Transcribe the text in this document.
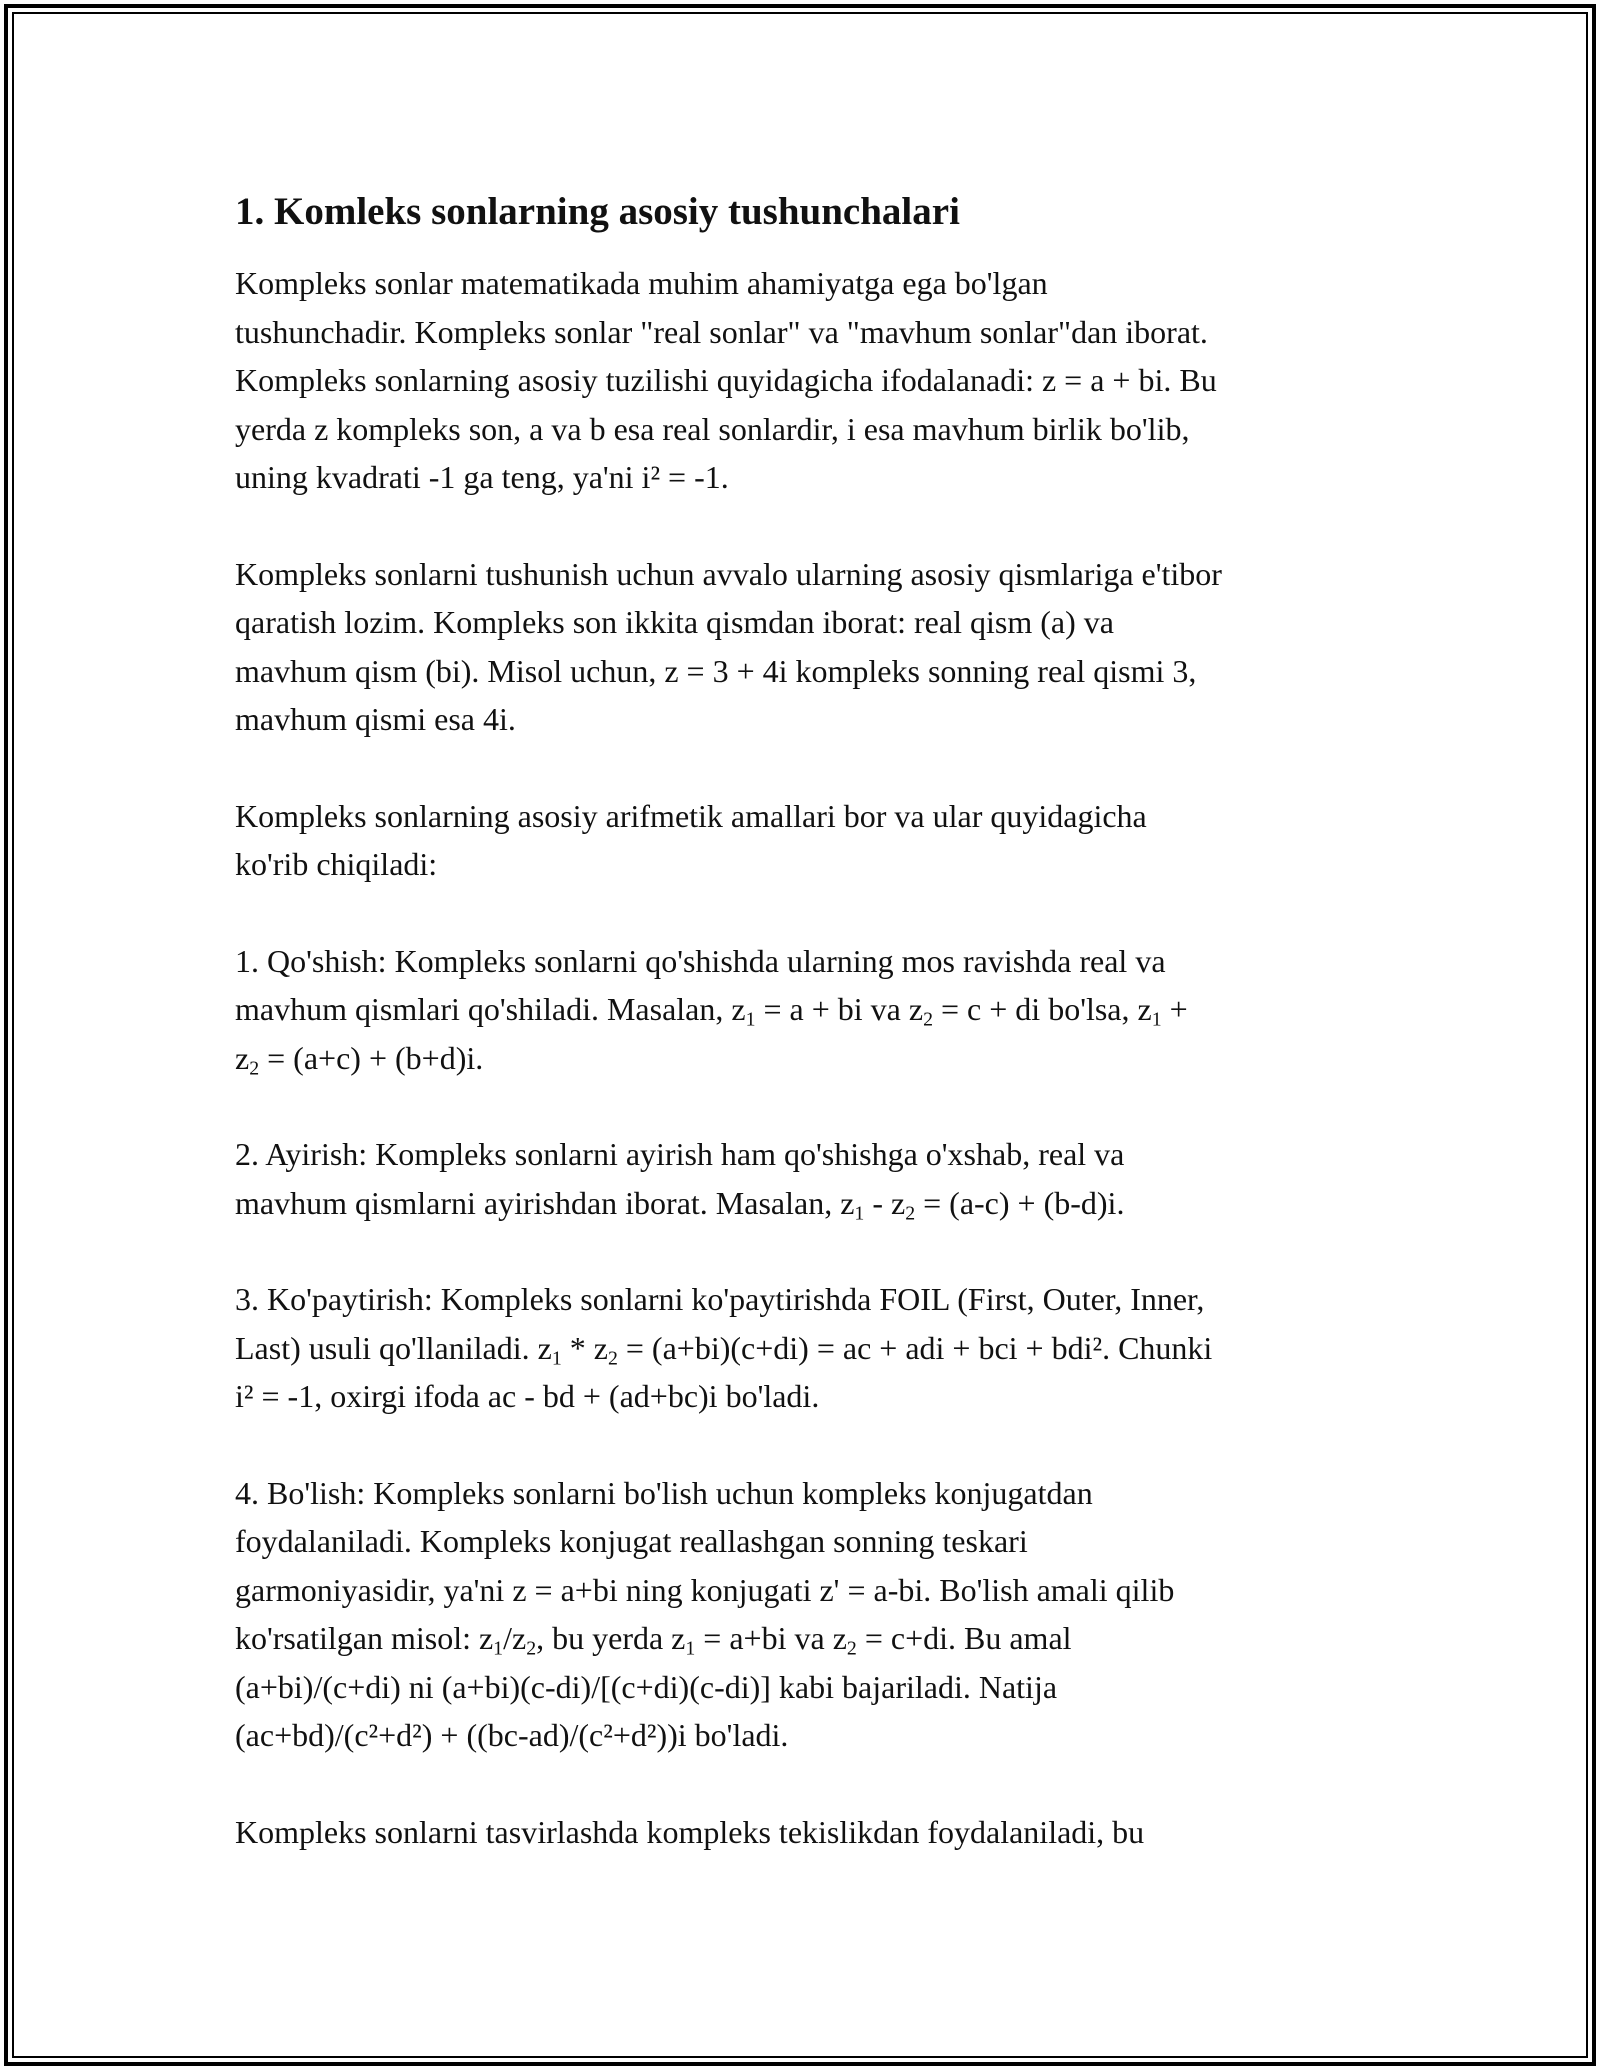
1. Komleks sonlarning asosiy tushunchalari

Kompleks sonlar matematikada muhim ahamiyatga ega bo'lgan
tushunchadir. Kompleks sonlar "real sonlar" va "mavhum sonlar"dan iborat.
Kompleks sonlarning asosiy tuzilishi quyidagicha ifodalanadi: z = a + bi. Bu
yerda z kompleks son, a va b esa real sonlardir, i esa mavhum birlik bo'lib,
uning kvadrati -1 ga teng, ya'ni i² = -1.

Kompleks sonlarni tushunish uchun avvalo ularning asosiy qismlariga e'tibor
qaratish lozim. Kompleks son ikkita qismdan iborat: real qism (a) va
mavhum qism (bi). Misol uchun, z = 3 + 4i kompleks sonning real qismi 3,
mavhum qismi esa 4i.

Kompleks sonlarning asosiy arifmetik amallari bor va ular quyidagicha
ko'rib chiqiladi:

1. Qo'shish: Kompleks sonlarni qo'shishda ularning mos ravishda real va
mavhum qismlari qo'shiladi. Masalan, $z_1 = a$ + bi va $z_2 = c$ + di bo'lsa, $z_1$ +
$z_2 = (a+c) + (b+d)i$.

2. Ayirish: Kompleks sonlarni ayirish ham qo'shishga o'xshab, real va
mavhum qismlarni ayirishdan iborat. Masalan, $z_1 - z_2 = (a-c) + (b-d)i$.

3. Ko'paytirish: Kompleks sonlarni ko'paytirishda FOIL (First, Outer, Inner,
Last) usuli qo'llaniladi. $z_1 * z_2 = (a+bi)(c+di)$ = ac + adi + bci + bdi². Chunki
i² = -1, oxirgi ifoda ac - bd + (ad+bc)i bo'ladi.

4. Bo'lish: Kompleks sonlarni bo'lish uchun kompleks konjugatdan
foydalaniladi. Kompleks konjugat reallashgan sonning teskari
garmoniyasidir, ya'ni z = a+bi ning konjugati z' = a-bi. Bo'lish amali qilib
ko'rsatilgan misol: $z_1/z_2$, bu yerda $z_1 = a+bi$ va $z_2 = c+di$. Bu amal
(a+bi)/(c+di) ni (a+bi)(c-di)/[(c+di)(c-di)] kabi bajariladi. Natija
(ac+bd)/(c²+d²) + ((bc-ad)/(c²+d²))i bo'ladi.

Kompleks sonlarni tasvirlashda kompleks tekislikdan foydalaniladi, bu
